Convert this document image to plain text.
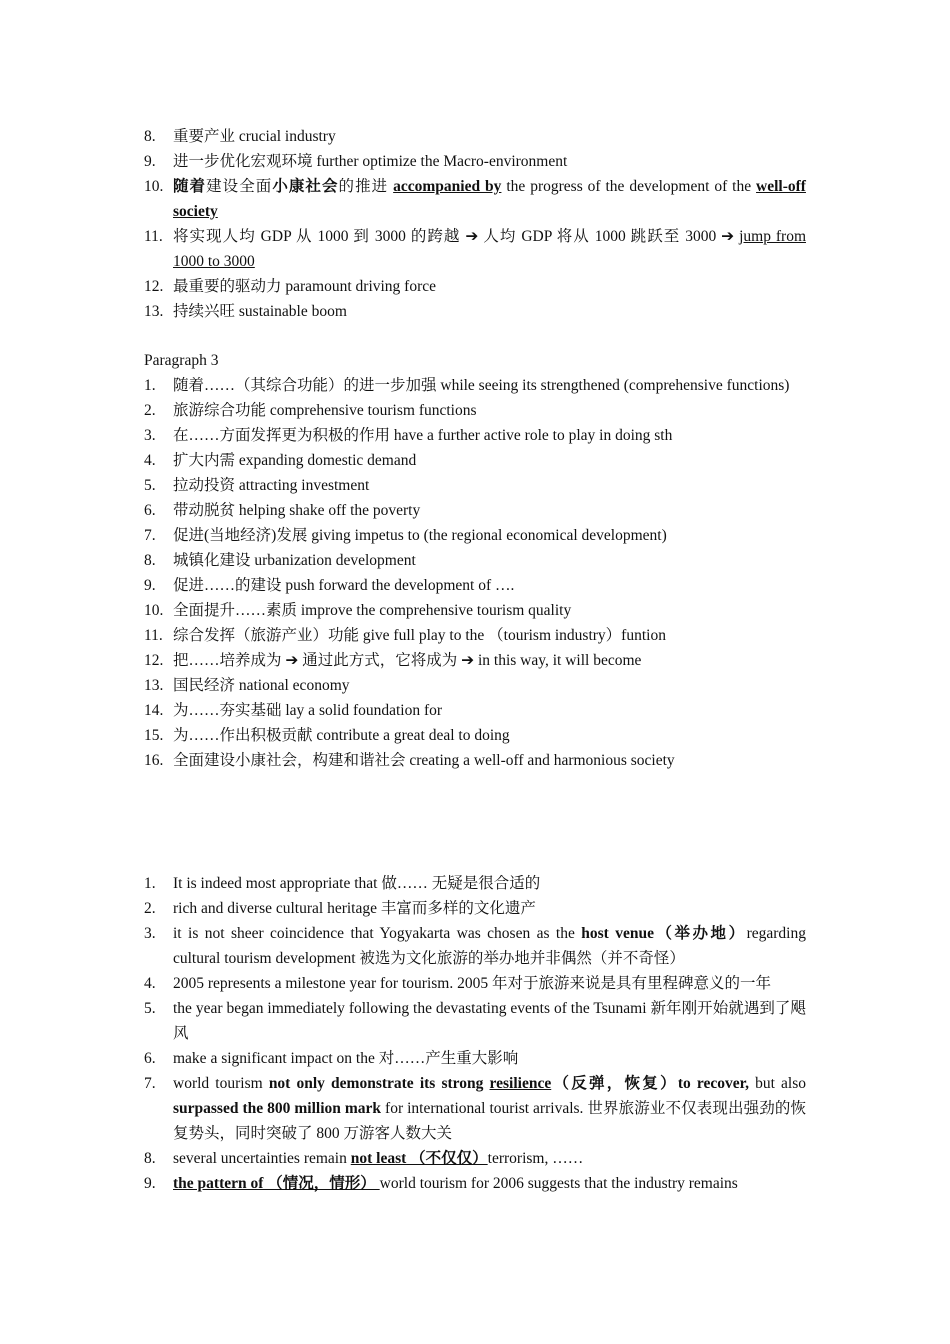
8. 重要产业 crucial industry
9. 进一步优化宏观环境 further optimize the Macro-environment
10. 随着建设全面小康社会的推进 accompanied by the progress of the development of the well-off society
11. 将实现人均 GDP 从 1000 到 3000 的跨越 ➔ 人均 GDP 将从 1000 跳跃至 3000 ➔ jump from 1000 to 3000
12. 最重要的驱动力 paramount driving force
13. 持续兴旺 sustainable boom
Paragraph 3
1. 随着……（其综合功能）的进一步加强 while seeing its strengthened (comprehensive functions)
2. 旅游综合功能 comprehensive tourism functions
3. 在……方面发挥更为积极的作用 have a further active role to play in doing sth
4. 扩大内需 expanding domestic demand
5. 拉动投资 attracting investment
6. 带动脱贫 helping shake off the poverty
7. 促进(当地经济)发展 giving impetus to (the regional economical development)
8. 城镇化建设 urbanization development
9. 促进……的建设 push forward the development of ….
10. 全面提升……素质 improve the comprehensive tourism quality
11. 综合发挥（旅游产业）功能 give full play to the （tourism industry）funtion
12. 把……培养成为 ➔ 通过此方式，它将成为 ➔ in this way, it will become
13. 国民经济 national economy
14. 为……夯实基础 lay a solid foundation for
15. 为……作出积极贡献 contribute a great deal to doing
16. 全面建设小康社会，构建和谐社会 creating a well-off and harmonious society
1. It is indeed most appropriate that 做…… 无疑是很合适的
2. rich and diverse cultural heritage 丰富而多样的文化遗产
3. it is not sheer coincidence that Yogyakarta was chosen as the host venue（举办地）regarding cultural tourism development 被选为文化旅游的举办地并非偶然（并不奇怪）
4. 2005 represents a milestone year for tourism. 2005 年对于旅游来说是具有里程碑意义的一年
5. the year began immediately following the devastating events of the Tsunami 新年刚开始就遇到了飓风
6. make a significant impact on the 对……产生重大影响
7. world tourism not only demonstrate its strong resilience（反弹，恢复）to recover, but also surpassed the 800 million mark for international tourist arrivals. 世界旅游业不仅表现出强劲的恢复势头，同时突破了 800 万游客人数大关
8. several uncertainties remain not least （不仅仅）terrorism, ……
9. the pattern of （情况，情形） world tourism for 2006 suggests that the industry remains
